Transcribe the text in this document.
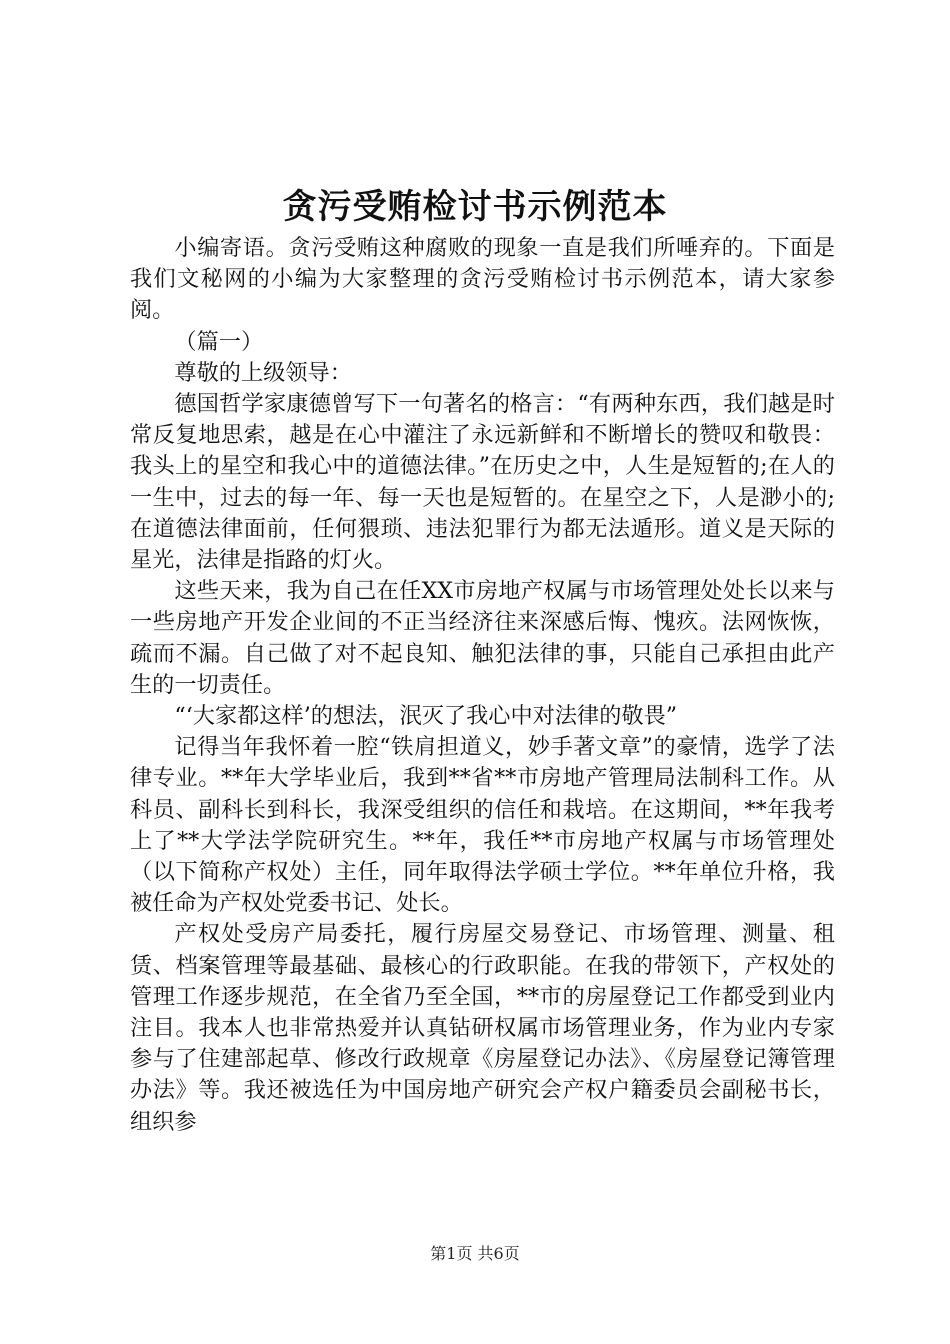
贪污受贿检讨书示例范本

小编寄语。贪污受贿这种腐败的现象一直是我们所唾弃的。下面是我们文秘网的小编为大家整理的贪污受贿检讨书示例范本，请大家参阅。

（篇一）

尊敬的上级领导：

德国哲学家康德曾写下一句著名的格言：“有两种东西，我们越是时常反复地思索，越是在心中灌注了永远新鲜和不断增长的赞叹和敬畏：我头上的星空和我心中的道德法律。”在历史之中，人生是短暂的;在人的一生中，过去的每一年、每一天也是短暂的。在星空之下，人是渺小的;在道德法律面前，任何猥琐、违法犯罪行为都无法遁形。道义是天际的星光，法律是指路的灯火。

这些天来，我为自己在任XX市房地产权属与市场管理处处长以来与一些房地产开发企业间的不正当经济往来深感后悔、愧疚。法网恢恢，疏而不漏。自己做了对不起良知、触犯法律的事，只能自己承担由此产生的一切责任。

“‘大家都这样’的想法，泯灭了我心中对法律的敬畏”

记得当年我怀着一腔“铁肩担道义，妙手著文章”的豪情，选学了法律专业。**年大学毕业后，我到**省**市房地产管理局法制科工作。从科员、副科长到科长，我深受组织的信任和栽培。在这期间，**年我考上了**大学法学院研究生。**年，我任**市房地产权属与市场管理处（以下简称产权处）主任，同年取得法学硕士学位。**年单位升格，我被任命为产权处党委书记、处长。

产权处受房产局委托，履行房屋交易登记、市场管理、测量、租赁、档案管理等最基础、最核心的行政职能。在我的带领下，产权处的管理工作逐步规范，在全省乃至全国，**市的房屋登记工作都受到业内注目。我本人也非常热爱并认真钻研权属市场管理业务，作为业内专家参与了住建部起草、修改行政规章《房屋登记办法》、《房屋登记簿管理办法》等。我还被选任为中国房地产研究会产权户籍委员会副秘书长，组织参

第1页 共6页
